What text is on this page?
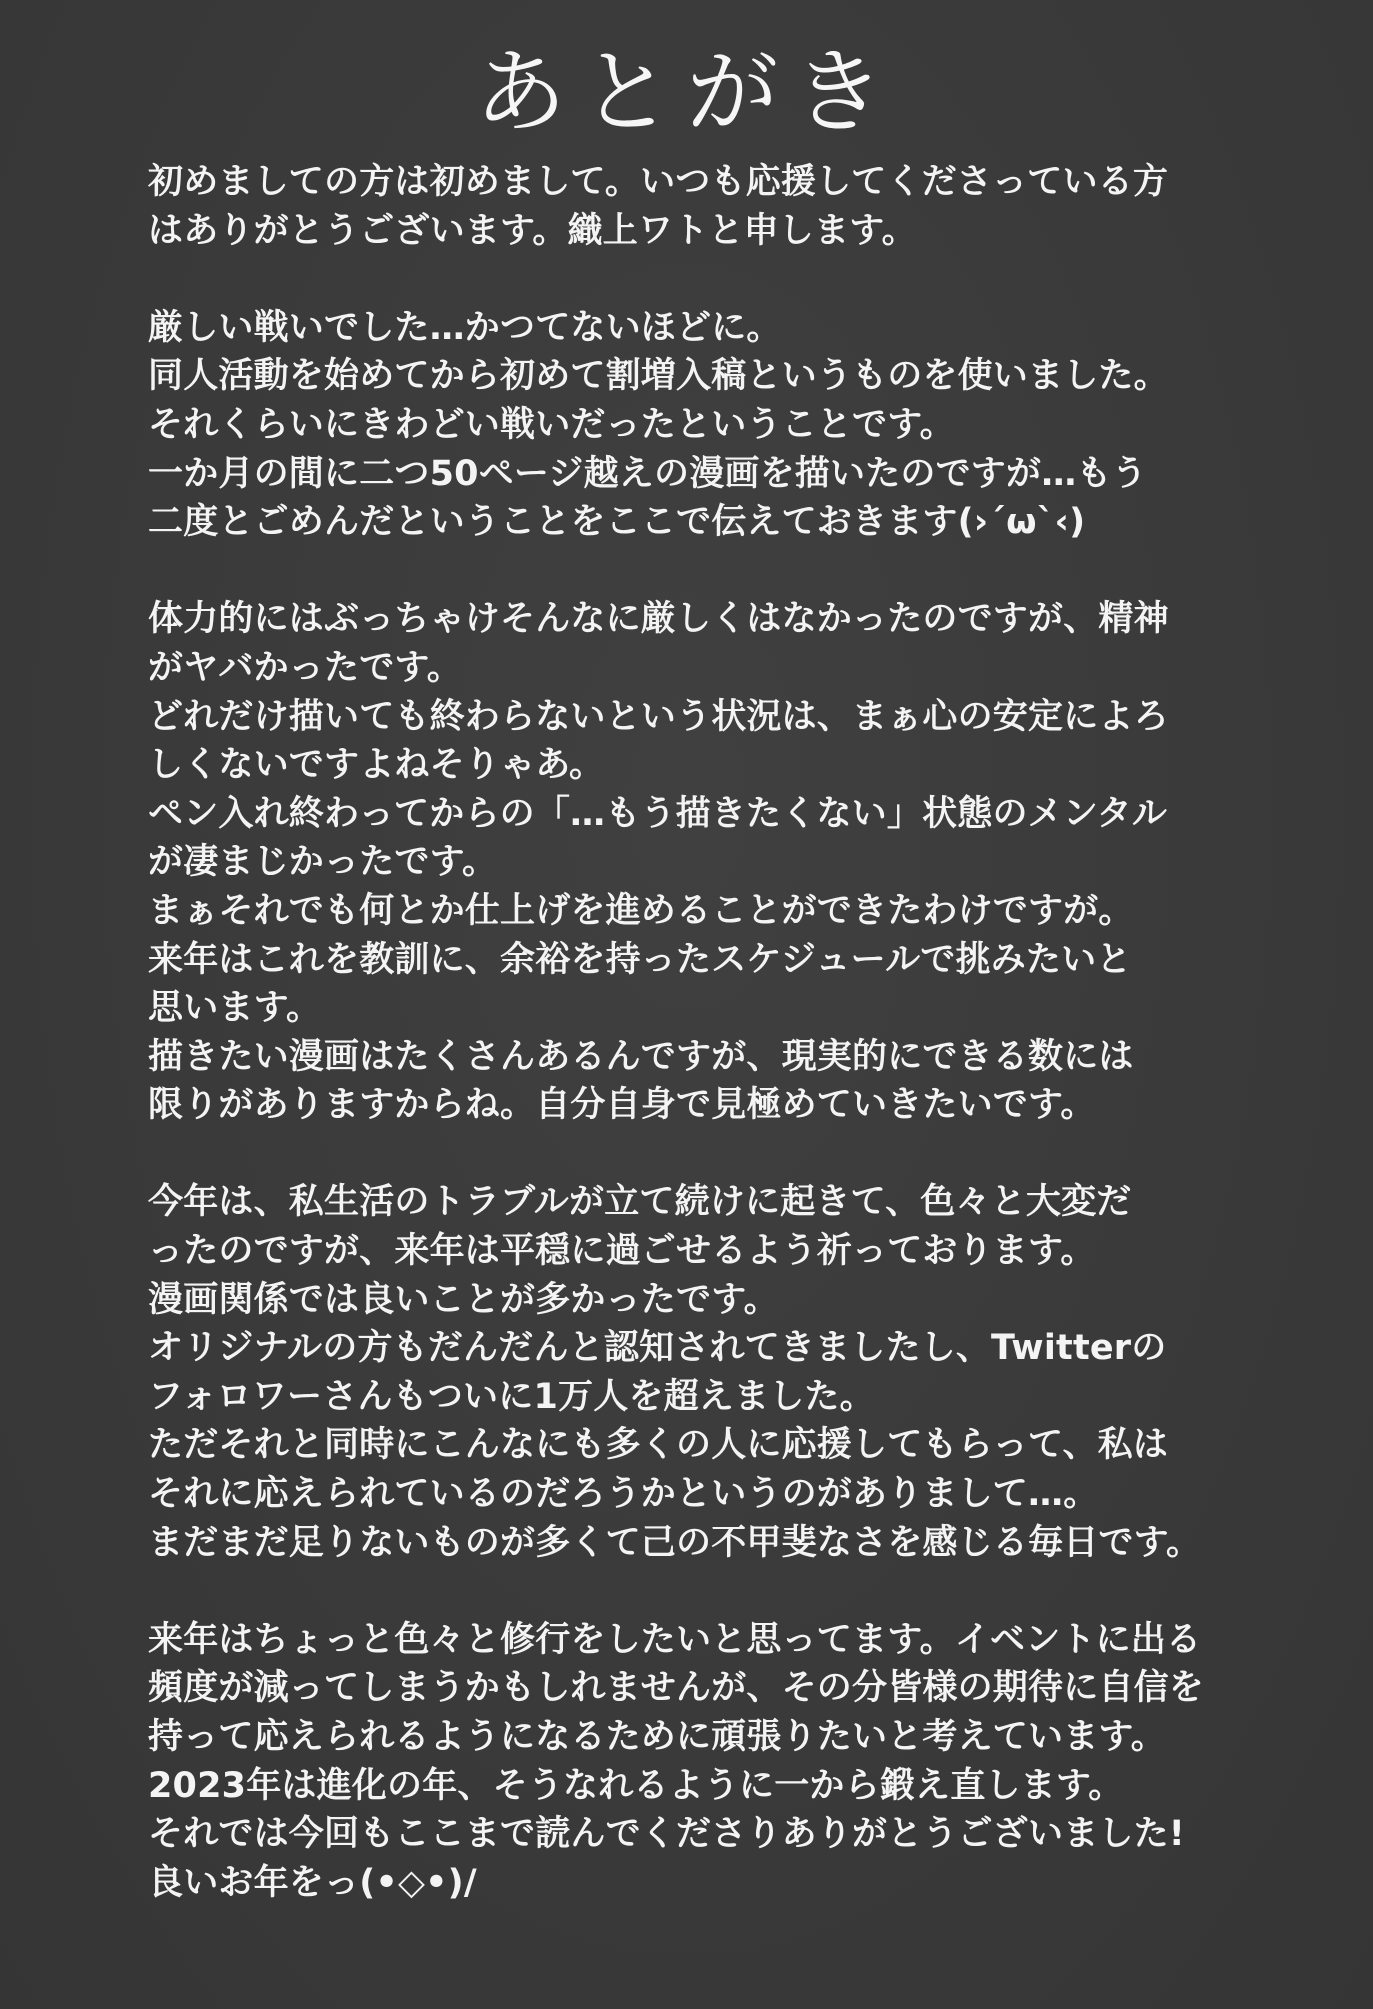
あとがき
初めましての方は初めまして。いつも応援してくださっている方
はありがとうございます。織上ワトと申します。
厳しい戦いでした…かつてないほどに。
同人活動を始めてから初めて割増入稿というものを使いました。
それくらいにきわどい戦いだったということです。
一か月の間に二つ50ページ越えの漫画を描いたのですが…もう
二度とごめんだということをここで伝えておきます(›´ω`‹)
体力的にはぶっちゃけそんなに厳しくはなかったのですが、精神
がヤバかったです。
どれだけ描いても終わらないという状況は、まぁ心の安定によろ
しくないですよねそりゃあ。
ペン入れ終わってからの「…もう描きたくない」状態のメンタル
が凄まじかったです。
まぁそれでも何とか仕上げを進めることができたわけですが。
来年はこれを教訓に、余裕を持ったスケジュールで挑みたいと
思います。
描きたい漫画はたくさんあるんですが、現実的にできる数には
限りがありますからね。自分自身で見極めていきたいです。
今年は、私生活のトラブルが立て続けに起きて、色々と大変だ
ったのですが、来年は平穏に過ごせるよう祈っております。
漫画関係では良いことが多かったです。
オリジナルの方もだんだんと認知されてきましたし、Twitterの
フォロワーさんもついに1万人を超えました。
ただそれと同時にこんなにも多くの人に応援してもらって、私は
それに応えられているのだろうかというのがありまして…。
まだまだ足りないものが多くて己の不甲斐なさを感じる毎日です。
来年はちょっと色々と修行をしたいと思ってます。イベントに出る
頻度が減ってしまうかもしれませんが、その分皆様の期待に自信を
持って応えられるようになるために頑張りたいと考えています。
2023年は進化の年、そうなれるように一から鍛え直します。
それでは今回もここまで読んでくださりありがとうございました!
良いお年をっ(•◇•)/
